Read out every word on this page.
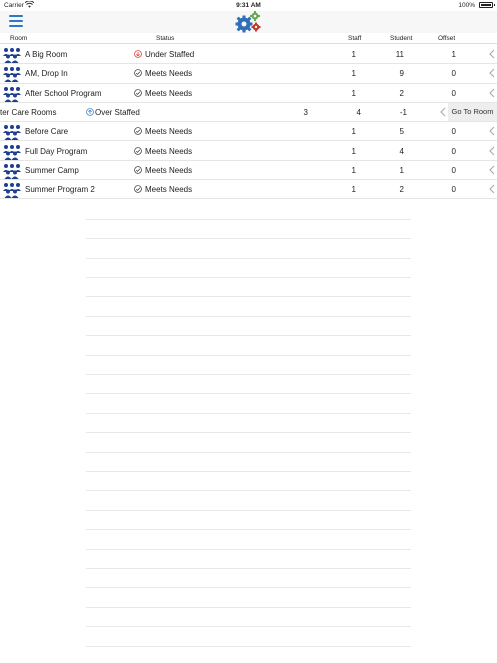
Carrier	9:31 AM	100%
Room	Status	Staff	Student	Offset
A Big Room	Under Staffed	1	11	1
AM, Drop In	Meets Needs	1	9	0
After School Program	Meets Needs	1	2	0
ter Care Rooms	Over Staffed	3	4	-1	Go To Room
Before Care	Meets Needs	1	5	0
Full Day Program	Meets Needs	1	4	0
Summer Camp	Meets Needs	1	1	0
Summer Program 2	Meets Needs	1	2	0
